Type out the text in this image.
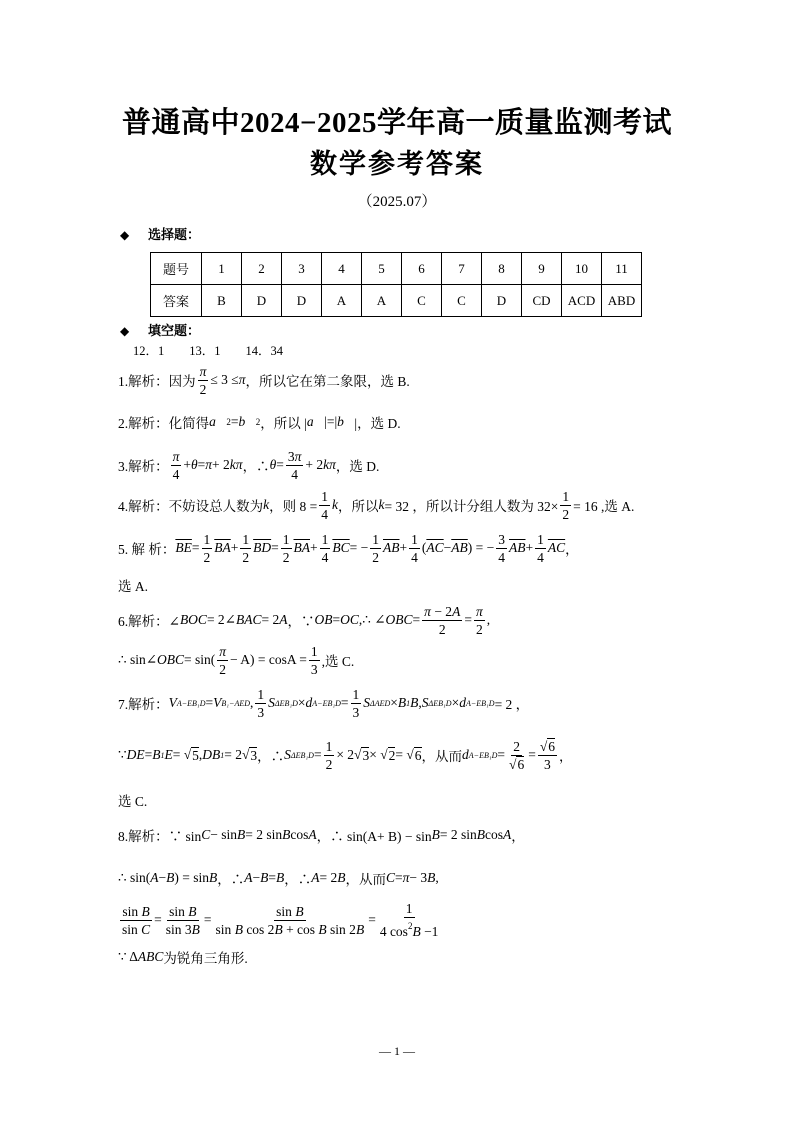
普通高中2024−2025学年高一质量监测考试
数学参考答案
（2025.07）
◆ 选择题：
题号	1	2	3	4	5	6	7	8	9	10	11
答案	B	D	D	A	A	C	C	D	CD	ACD	ABD
◆ 填空题：
12．1　　13．1　　14．34
1.解析：因为 $\frac{\pi}{2} \le 3 \le \pi$ ，所以它在第二象限，选 B.
2.解析：化简得 a⃗ 2 = b⃗ 2 ，所以 | a⃗ |=| b⃗ |，选 D.
3.解析： $\frac{\pi}{4} + \theta = \pi + 2$ kπ ，∴ $\theta = \frac{3\pi}{4} + 2$ kπ ，选 D.
4.解析：不妨设总人数为 k ，则 $8 = \frac{1}{4}$ k ，所以 k = 32 ，所以计分组人数为 $32\times \frac{1}{2} = 16$ ,选 A.
5. 解 析： $\overline{BE} = \frac{1}{2} \overline{BA} + \frac{1}{2} \overline{BD} = \frac{1}{2} \overline{BA} + \frac{1}{4} \overline{BC}$ = − $\frac{1}{2} \overline{AB} + \frac{1}{4}$ ( $\overline{AC} - \overline{AB}$ ) = − $\frac{3}{4} \overline{AB} + \frac{1}{4} \overline{AC}$ ，
选 A.
6.解析：∠ BOC = 2∠ BAC = 2 A ，∵ OB = OC ,∴ ∠ OBC = $\frac{\pi - 2A}{2} = \frac{\pi}{2}$ ,
∴ sin∠ OBC = $\sin( \frac{\pi}{2} - A) = \cos A = \frac{1}{3}$ ,选 C.
7.解析： V A−EB₁D = V B₁−AED , $\frac{1}{3}$ S ΔEB₁D × d $A-EB_1D = \frac{1}{3}$ S ΔAED × B 1 B , S ΔEB₁D × d A−EB₁D = 2 ，
∵ DE = B 1 E = √ 5 , DB 1 = 2√ 3 ，∴ S $\Delta EB_1D = \frac{1}{2} \times 2√$ 3 × √ 2 = √ 6 ，从而 d $A-EB_1D = \frac{2}{√6} = \frac{√6}{3}$ ，
选 C.
8.解析：∵ sin C − sin B = 2 sin B cos A ，∴ sin(A+ B) − sin B = 2 sin B cos A ，
∴ sin( A − B ) = sin B ，∴ A − B = B ，∴ A = 2 B ，从而 C = π − 3 B ,
$\frac{\text{sin B}}{\text{sin C}} = \frac{\text{sin B}}{\sin 3B} = \frac{\text{sin B}}{\text{sin B cos 2B + cos B sin 2B}} = \frac{1}{4 \cos^2B -1}$
∵ Δ ABC 为锐角三角形.
— 1 —
